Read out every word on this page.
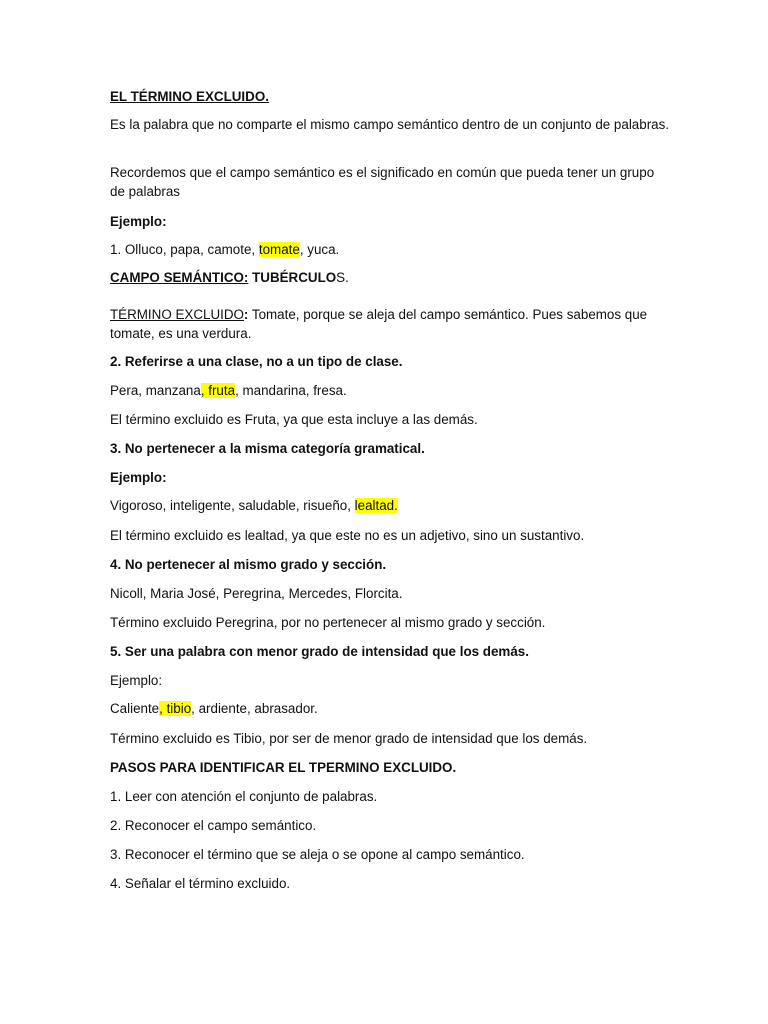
EL TÉRMINO EXCLUIDO.
Es la palabra que no comparte el mismo campo semántico dentro de un conjunto de palabras.
Recordemos que el campo semántico es el significado en común que pueda tener un grupo de palabras
Ejemplo:
1. Olluco, papa, camote, tomate, yuca.
CAMPO SEMÁNTICO: TUBÉRCULOS.
TÉRMINO EXCLUIDO: Tomate, porque se aleja del campo semántico. Pues sabemos que tomate, es una verdura.
2. Referirse a una clase, no a un tipo de clase.
Pera, manzana, fruta, mandarina, fresa.
El término excluido es Fruta, ya que esta incluye a las demás.
3. No pertenecer a la misma categoría gramatical.
Ejemplo:
Vigoroso, inteligente, saludable, risueño, lealtad.
El término excluido es lealtad, ya que este no es un adjetivo, sino un sustantivo.
4. No pertenecer al mismo grado y sección.
Nicoll, Maria José, Peregrina, Mercedes, Florcita.
Término excluido Peregrina, por no pertenecer al mismo grado y sección.
5. Ser una palabra con menor grado de intensidad que los demás.
Ejemplo:
Caliente, tibio, ardiente, abrasador.
Término excluido es Tibio, por ser de menor grado de intensidad que los demás.
PASOS PARA IDENTIFICAR EL TPERMINO EXCLUIDO.
1. Leer con atención el conjunto de palabras.
2. Reconocer el campo semántico.
3. Reconocer el término que se aleja o se opone al campo semántico.
4. Señalar el término excluido.
